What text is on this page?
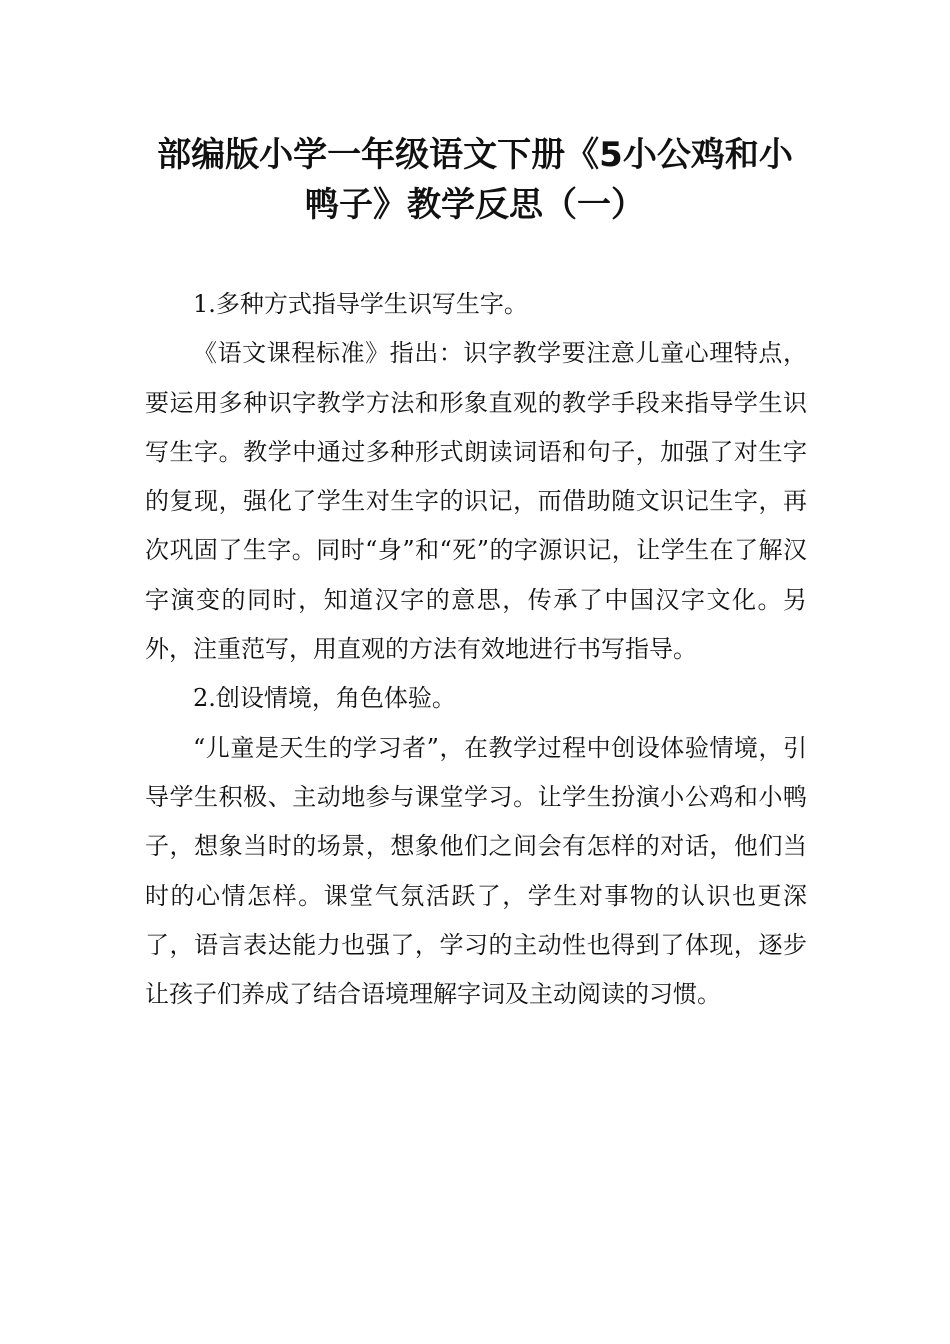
部编版小学一年级语文下册《5小公鸡和小
鸭子》教学反思（一）

1.多种方式指导学生识写生字。

《语文课程标准》指出：识字教学要注意儿童心理特点，要运用多种识字教学方法和形象直观的教学手段来指导学生识写生字。教学中通过多种形式朗读词语和句子，加强了对生字的复现，强化了学生对生字的识记，而借助随文识记生字，再次巩固了生字。同时“身”和“死”的字源识记，让学生在了解汉字演变的同时，知道汉字的意思，传承了中国汉字文化。另外，注重范写，用直观的方法有效地进行书写指导。

2.创设情境，角色体验。

“儿童是天生的学习者”，在教学过程中创设体验情境，引导学生积极、主动地参与课堂学习。让学生扮演小公鸡和小鸭子，想象当时的场景，想象他们之间会有怎样的对话，他们当时的心情怎样。课堂气氛活跃了，学生对事物的认识也更深了，语言表达能力也强了，学习的主动性也得到了体现，逐步让孩子们养成了结合语境理解字词及主动阅读的习惯。
